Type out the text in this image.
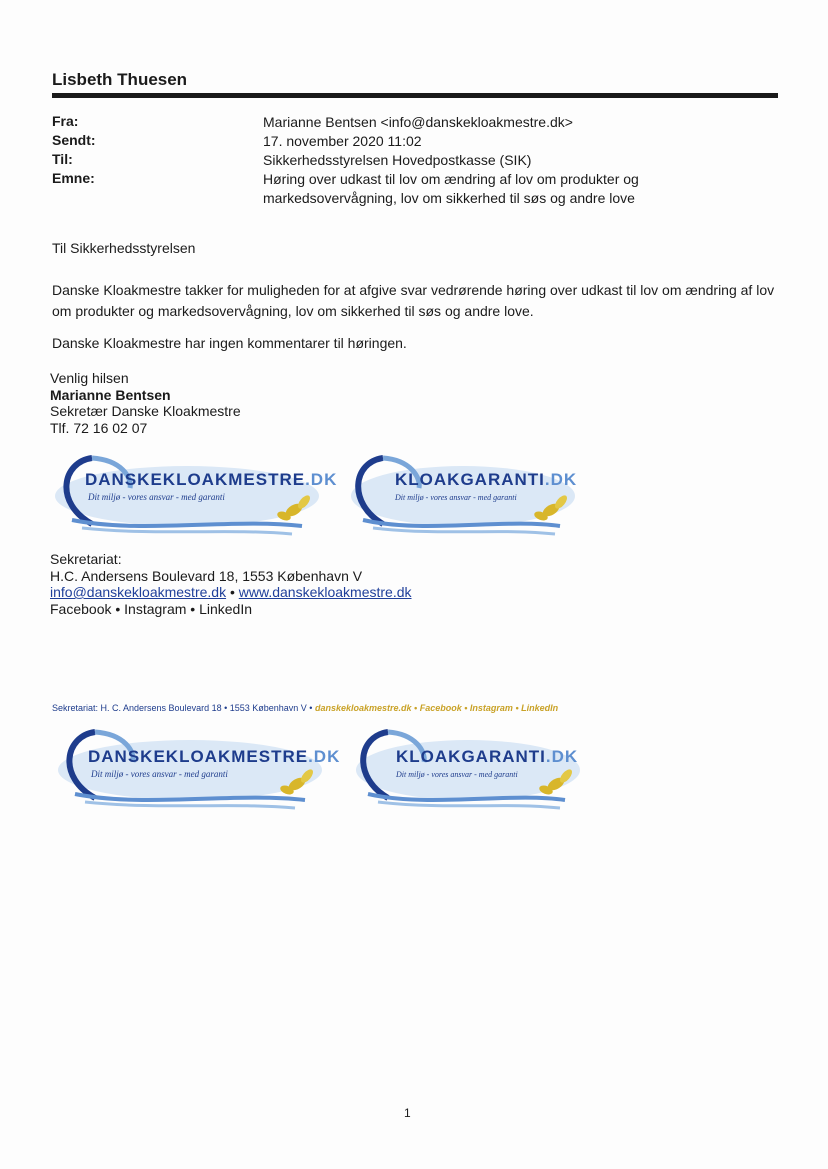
Lisbeth Thuesen
Fra:	Marianne Bentsen <info@danskekloakmestre.dk>
Sendt:	17. november 2020 11:02
Til:	Sikkerhedsstyrelsen Hovedpostkasse (SIK)
Emne:	Høring over udkast til lov om ændring af lov om produkter og markedsovervågning, lov om sikkerhed til søs og andre love

Til Sikkerhedsstyrelsen

Danske Kloakmestre takker for muligheden for at afgive svar vedrørende høring over udkast til lov om ændring af lov om produkter og markedsovervågning, lov om sikkerhed til søs og andre love.

Danske Kloakmestre har ingen kommentarer til høringen.

Venlig hilsen
Marianne Bentsen
Sekretær Danske Kloakmestre
Tlf. 72 16 02 07
DANSKEKLOAKMESTRE.DK
Dit miljø - vores ansvar - med garanti
KLOAKGARANTI.DK
Dit miljø - vores ansvar - med garanti
Sekretariat:
H.C. Andersens Boulevard 18, 1553 København V
info@danskekloakmestre.dk • www.danskekloakmestre.dk
Facebook • Instagram • LinkedIn
Sekretariat: H. C. Andersens Boulevard 18 • 1553 København V • danskekloakmestre.dk • Facebook • Instagram • LinkedIn
DANSKEKLOAKMESTRE.DK
Dit miljø - vores ansvar - med garanti
KLOAKGARANTI.DK
Dit miljø - vores ansvar - med garanti
1
